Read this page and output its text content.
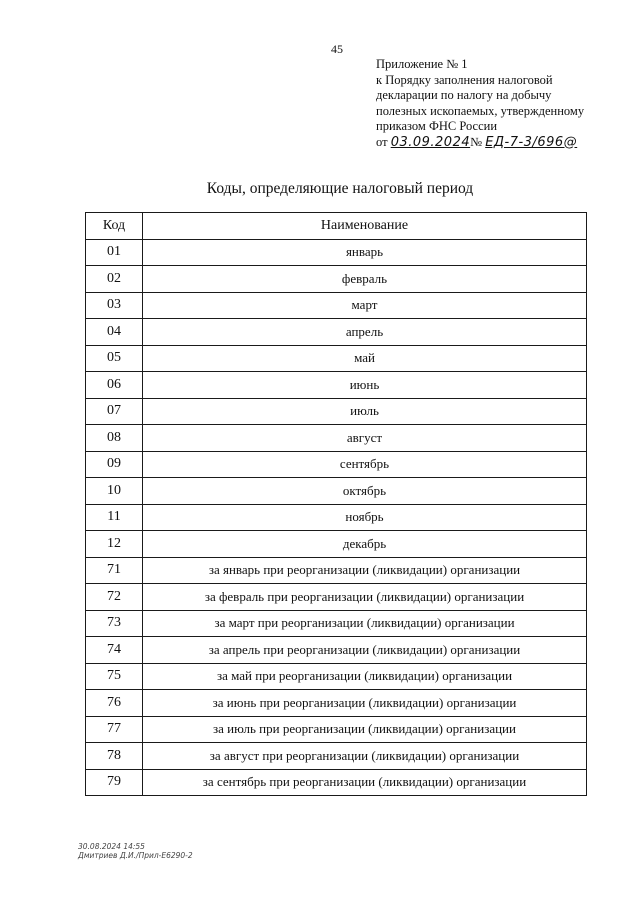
45
Приложение № 1
к Порядку заполнения налоговой
декларации по налогу на добычу
полезных ископаемых, утвержденному
приказом ФНС России
от 03.09.2024№ ЕД-7-3/696@
Коды, определяющие налоговый период
Код	Наименование
01	январь
02	февраль
03	март
04	апрель
05	май
06	июнь
07	июль
08	август
09	сентябрь
10	октябрь
11	ноябрь
12	декабрь
71	за январь при реорганизации (ликвидации) организации
72	за февраль при реорганизации (ликвидации) организации
73	за март при реорганизации (ликвидации) организации
74	за апрель при реорганизации (ликвидации) организации
75	за май при реорганизации (ликвидации) организации
76	за июнь при реорганизации (ликвидации) организации
77	за июль при реорганизации (ликвидации) организации
78	за август при реорганизации (ликвидации) организации
79	за сентябрь при реорганизации (ликвидации) организации
30.08.2024 14:55
Дмитриев Д.И./Прил-Е6290-2
